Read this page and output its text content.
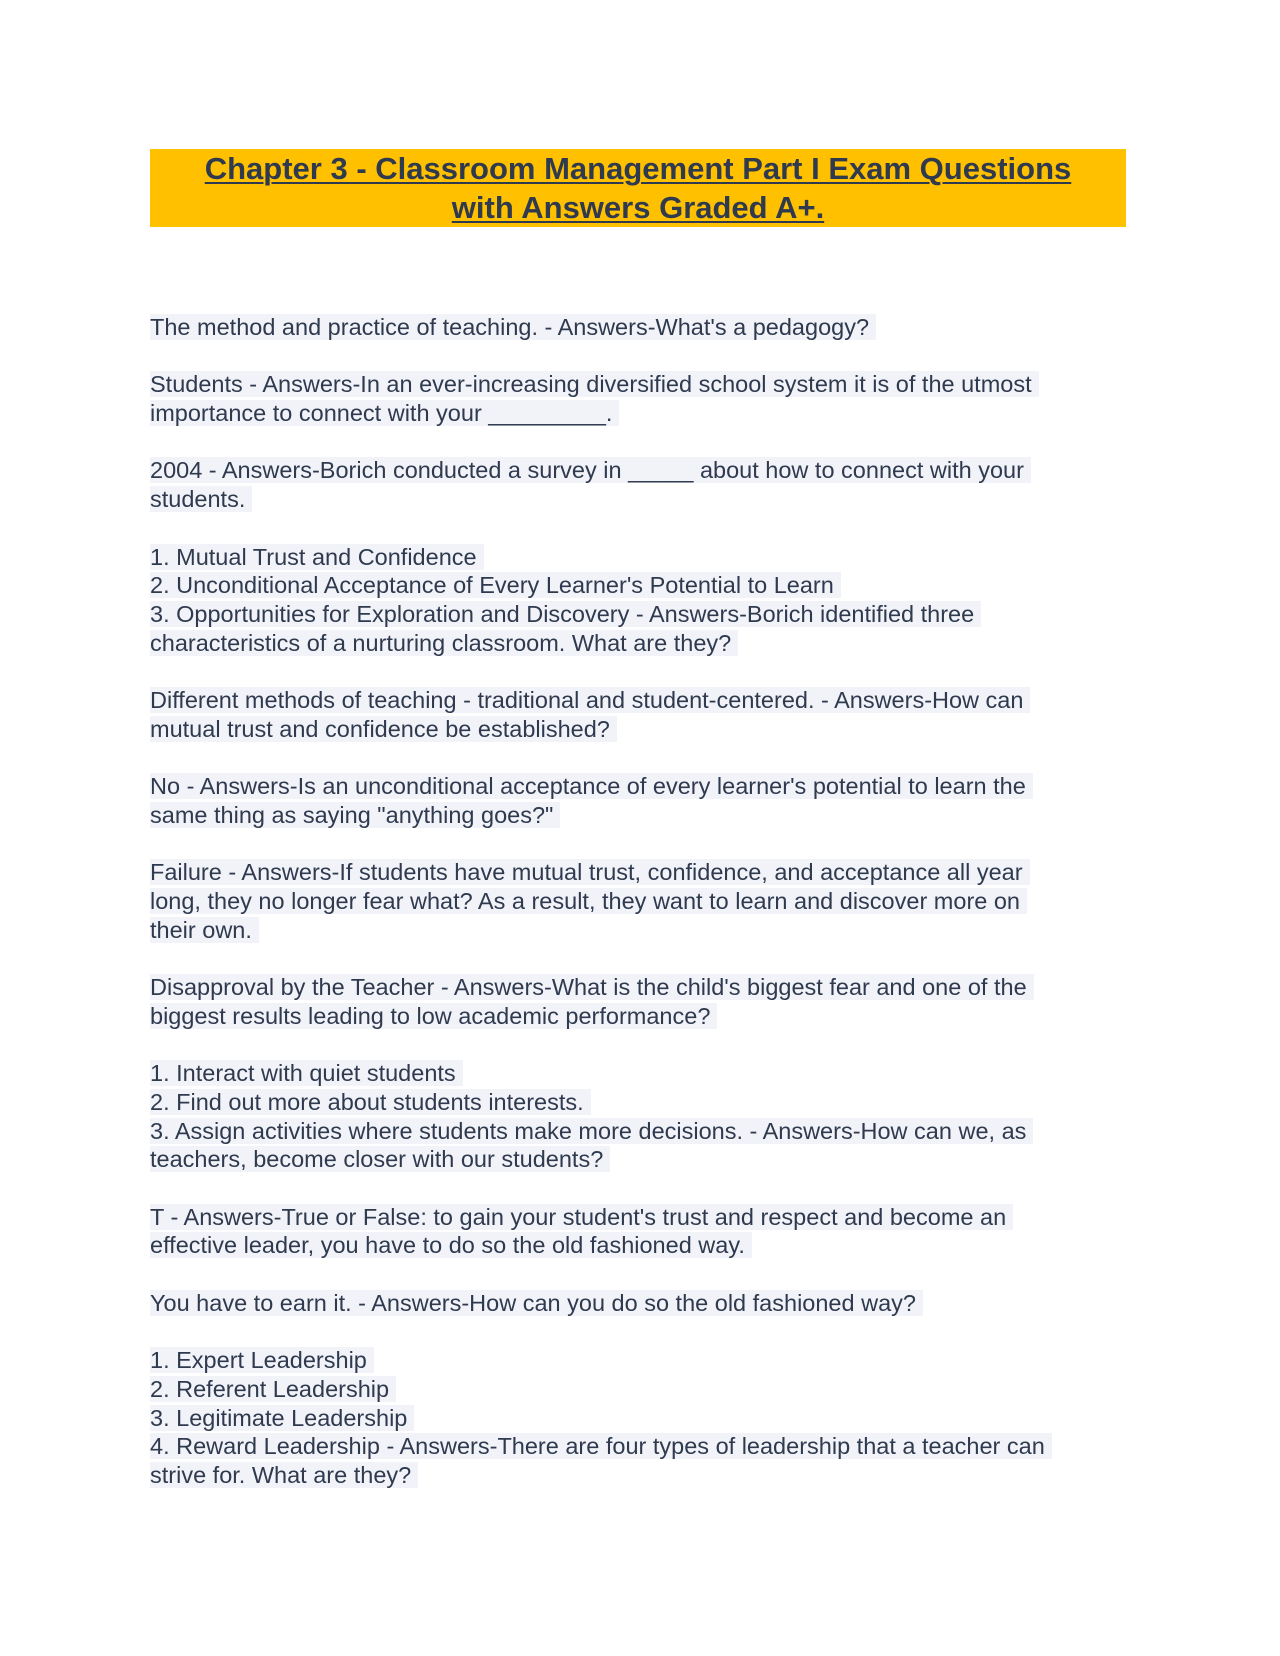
Chapter 3 - Classroom Management Part I Exam Questions
with Answers Graded A+.
The method and practice of teaching. - Answers-What's a pedagogy?
Students - Answers-In an ever-increasing diversified school system it is of the utmost
importance to connect with your _________.
2004 - Answers-Borich conducted a survey in _____ about how to connect with your
students.
1. Mutual Trust and Confidence
2. Unconditional Acceptance of Every Learner's Potential to Learn
3. Opportunities for Exploration and Discovery - Answers-Borich identified three
characteristics of a nurturing classroom. What are they?
Different methods of teaching - traditional and student-centered. - Answers-How can
mutual trust and confidence be established?
No - Answers-Is an unconditional acceptance of every learner's potential to learn the
same thing as saying "anything goes?"
Failure - Answers-If students have mutual trust, confidence, and acceptance all year
long, they no longer fear what? As a result, they want to learn and discover more on
their own.
Disapproval by the Teacher - Answers-What is the child's biggest fear and one of the
biggest results leading to low academic performance?
1. Interact with quiet students
2. Find out more about students interests.
3. Assign activities where students make more decisions. - Answers-How can we, as
teachers, become closer with our students?
T - Answers-True or False: to gain your student's trust and respect and become an
effective leader, you have to do so the old fashioned way.
You have to earn it. - Answers-How can you do so the old fashioned way?
1. Expert Leadership
2. Referent Leadership
3. Legitimate Leadership
4. Reward Leadership - Answers-There are four types of leadership that a teacher can
strive for. What are they?
